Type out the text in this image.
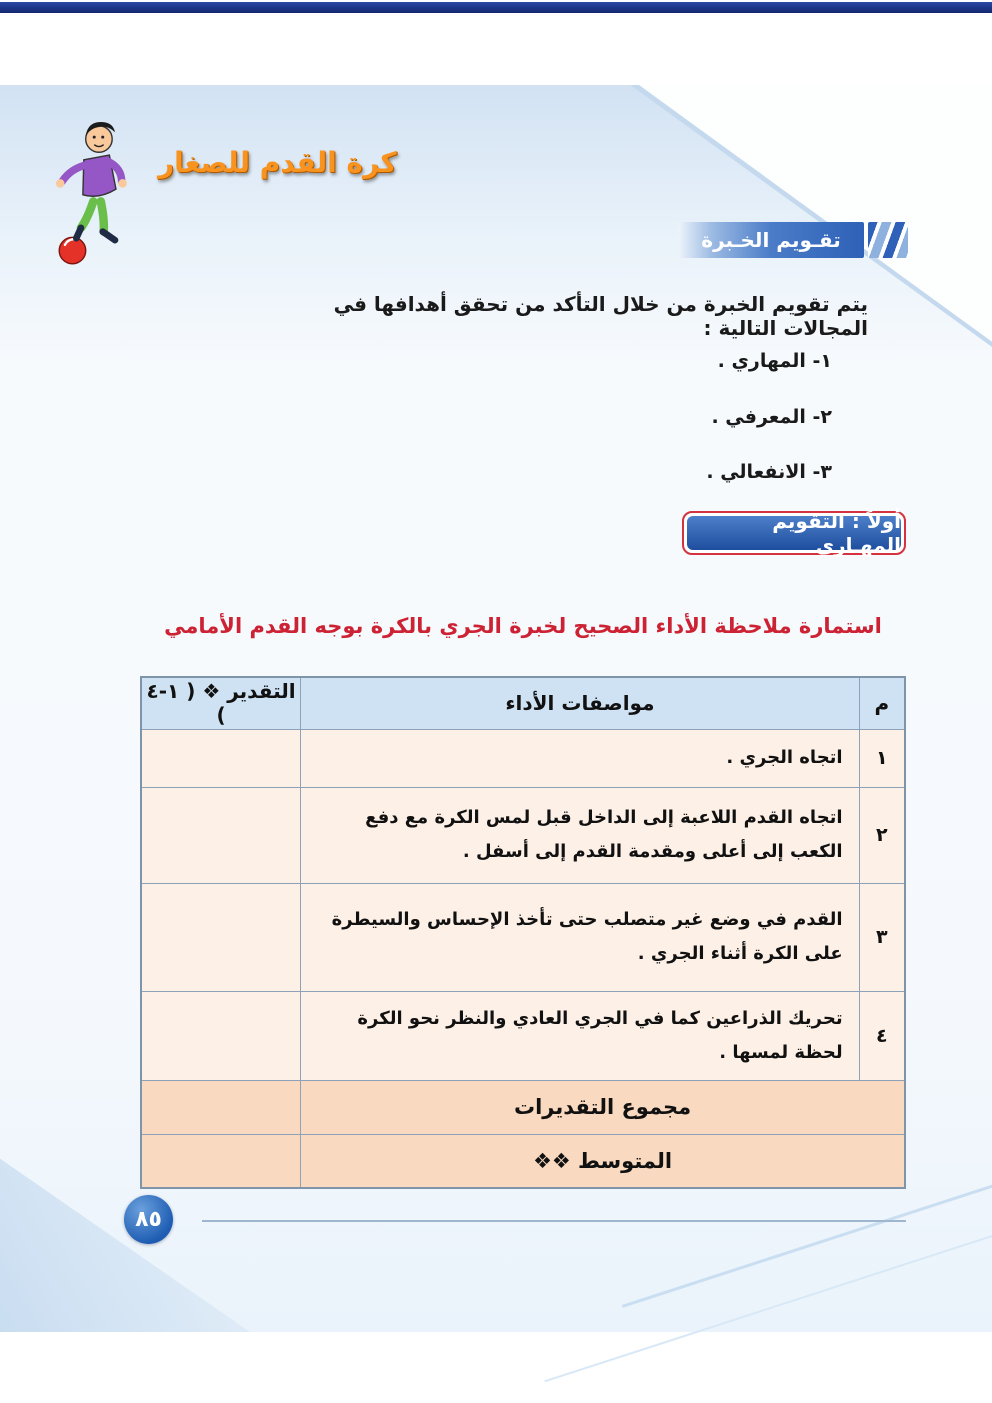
كرة القدم للصغار
تقـويم الخـبرة

يتم تقويم الخبرة من خلال التأكد من تحقق أهدافها في المجالات التالية :

١- المهاري .
٢- المعرفي .
٣- الانفعالي .
أولاً : التقويم المهـاري
استمارة ملاحظة الأداء الصحيح لخبرة الجري بالكرة بوجه القدم الأمامي
م	مواصفات الأداء	التقدير ❖ ( ١-٤ )
١	اتجاه الجري .	
٢	اتجاه القدم اللاعبة إلى الداخل قبل لمس الكرة مع دفع الكعب إلى أعلى ومقدمة القدم إلى أسفل .	
٣	القدم في وضع غير متصلب حتى تأخذ الإحساس والسيطرة على الكرة أثناء الجري .	
٤	تحريك الذراعين كما في الجري العادي والنظر نحو الكرة لحظة لمسها .	
مجموع التقديرات		
المتوسط ❖❖		
٨٥
